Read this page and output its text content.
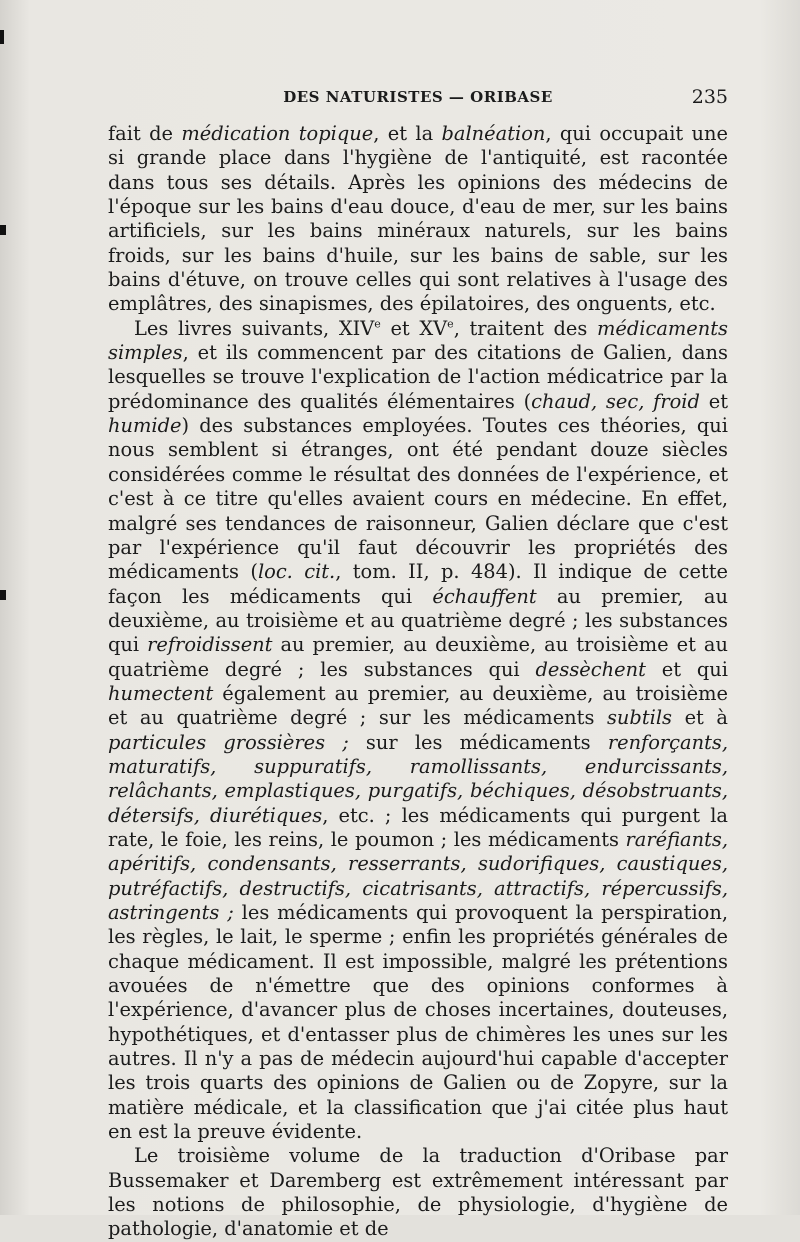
DES NATURISTES — ORIBASE	235

fait de médication topique, et la balnéation, qui occupait une si grande place dans l'hygiène de l'antiquité, est racontée dans tous ses détails. Après les opinions des médecins de l'époque sur les bains d'eau douce, d'eau de mer, sur les bains artificiels, sur les bains minéraux naturels, sur les bains froids, sur les bains d'huile, sur les bains de sable, sur les bains d'étuve, on trouve celles qui sont relatives à l'usage des emplâtres, des sinapismes, des épilatoires, des onguents, etc.

Les livres suivants, XIVe et XVe, traitent des médicaments simples, et ils commencent par des citations de Galien, dans lesquelles se trouve l'explication de l'action médicatrice par la prédominance des qualités élémentaires (chaud, sec, froid et humide) des substances employées. Toutes ces théories, qui nous semblent si étranges, ont été pendant douze siècles considérées comme le résultat des données de l'expérience, et c'est à ce titre qu'elles avaient cours en médecine. En effet, malgré ses tendances de raisonneur, Galien déclare que c'est par l'expérience qu'il faut découvrir les propriétés des médicaments (loc. cit., tom. II, p. 484). Il indique de cette façon les médicaments qui échauffent au premier, au deuxième, au troisième et au quatrième degré ; les substances qui refroidissent au premier, au deuxième, au troisième et au quatrième degré ; les substances qui dessèchent et qui humectent également au premier, au deuxième, au troisième et au quatrième degré ; sur les médicaments subtils et à particules grossières ; sur les médicaments renforçants, maturatifs, suppuratifs, ramollissants, endurcissants, relâchants, emplastiques, purgatifs, béchiques, désobstruants, détersifs, diurétiques, etc. ; les médicaments qui purgent la rate, le foie, les reins, le poumon ; les médicaments raréfiants, apéritifs, condensants, resserrants, sudorifiques, caustiques, putréfactifs, destructifs, cicatrisants, attractifs, répercussifs, astringents ; les médicaments qui provoquent la perspiration, les règles, le lait, le sperme ; enfin les propriétés générales de chaque médicament. Il est impossible, malgré les prétentions avouées de n'émettre que des opinions conformes à l'expérience, d'avancer plus de choses incertaines, douteuses, hypothétiques, et d'entasser plus de chimères les unes sur les autres. Il n'y a pas de médecin aujourd'hui capable d'accepter les trois quarts des opinions de Galien ou de Zopyre, sur la matière médicale, et la classification que j'ai citée plus haut en est la preuve évidente.

Le troisième volume de la traduction d'Oribase par Bussemaker et Daremberg est extrêmement intéressant par les notions de philosophie, de physiologie, d'hygiène de pathologie, d'anatomie et de
